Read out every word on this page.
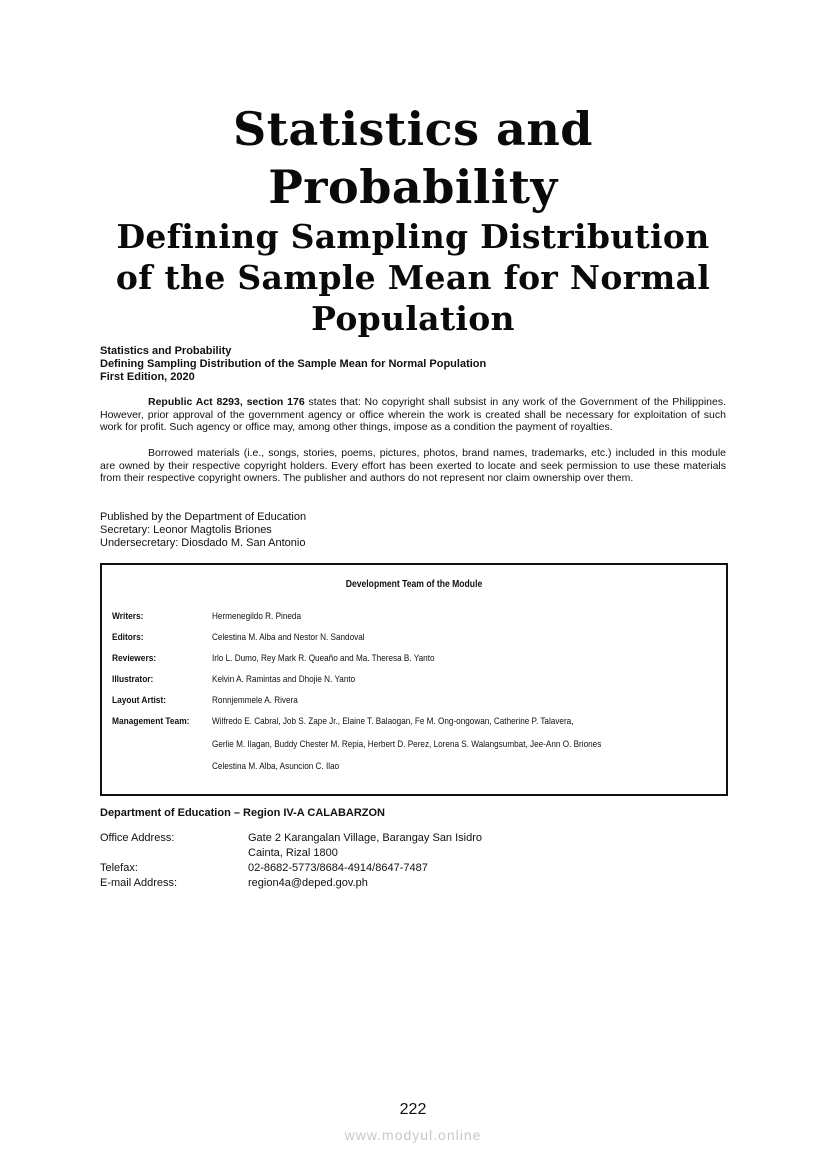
Statistics and
Probability
Defining Sampling Distribution
of the Sample Mean for Normal
Population
Statistics and Probability
Defining Sampling Distribution of the Sample Mean for Normal Population
First Edition, 2020
Republic Act 8293, section 176 states that: No copyright shall subsist in any work of the Government of the Philippines. However, prior approval of the government agency or office wherein the work is created shall be necessary for exploitation of such work for profit. Such agency or office may, among other things, impose as a condition the payment of royalties.
Borrowed materials (i.e., songs, stories, poems, pictures, photos, brand names, trademarks, etc.) included in this module are owned by their respective copyright holders. Every effort has been exerted to locate and seek permission to use these materials from their respective copyright owners. The publisher and authors do not represent nor claim ownership over them.
Published by the Department of Education
Secretary: Leonor Magtolis Briones
Undersecretary: Diosdado M. San Antonio
Development Team of the Module
Writers:	Hermenegildo R. Pineda
Editors:	Celestina M. Alba and Nestor N. Sandoval
Reviewers:	Irlo L. Dumo, Rey Mark R. Queaño and Ma. Theresa B. Yanto
Illustrator:	Kelvin A. Ramintas and Dhojie N. Yanto
Layout Artist:	Ronnjemmele A. Rivera
Management Team:	Wilfredo E. Cabral, Job S. Zape Jr., Elaine T. Balaogan, Fe M. Ong-ongowan, Catherine P. Talavera,
Gerlie M. Ilagan, Buddy Chester M. Repia, Herbert D. Perez, Lorena S. Walangsumbat, Jee-Ann O. Briones
Celestina M. Alba, Asuncion C. Ilao
Department of Education – Region IV-A CALABARZON
Office Address:	Gate 2 Karangalan Village, Barangay San Isidro
Cainta, Rizal 1800
Telefax:	02-8682-5773/8684-4914/8647-7487
E-mail Address:	region4a@deped.gov.ph
222
www.modyul.online
